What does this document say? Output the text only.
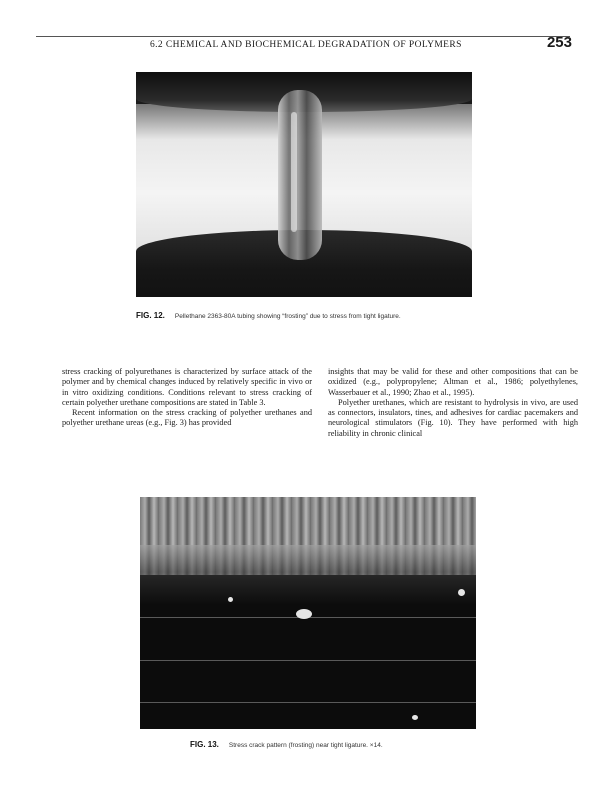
6.2 CHEMICAL AND BIOCHEMICAL DEGRADATION OF POLYMERS	253
FIG. 12. Pellethane 2363-80A tubing showing “frosting” due to stress from tight ligature.

stress cracking of polyurethanes is characterized by surface attack of the polymer and by chemical changes induced by relatively specific in vivo or in vitro oxidizing conditions. Conditions relevant to stress cracking of certain polyether urethane compositions are stated in Table 3.

Recent information on the stress cracking of polyether urethanes and polyether urethane ureas (e.g., Fig. 3) has provided

insights that may be valid for these and other compositions that can be oxidized (e.g., polypropylene; Altman et al., 1986; polyethylenes, Wasserbauer et al., 1990; Zhao et al., 1995).

Polyether urethanes, which are resistant to hydrolysis in vivo, are used as connectors, insulators, tines, and adhesives for cardiac pacemakers and neurological stimulators (Fig. 10). They have performed with high reliability in chronic clinical

FIG. 13. Stress crack pattern (frosting) near tight ligature. ×14.
